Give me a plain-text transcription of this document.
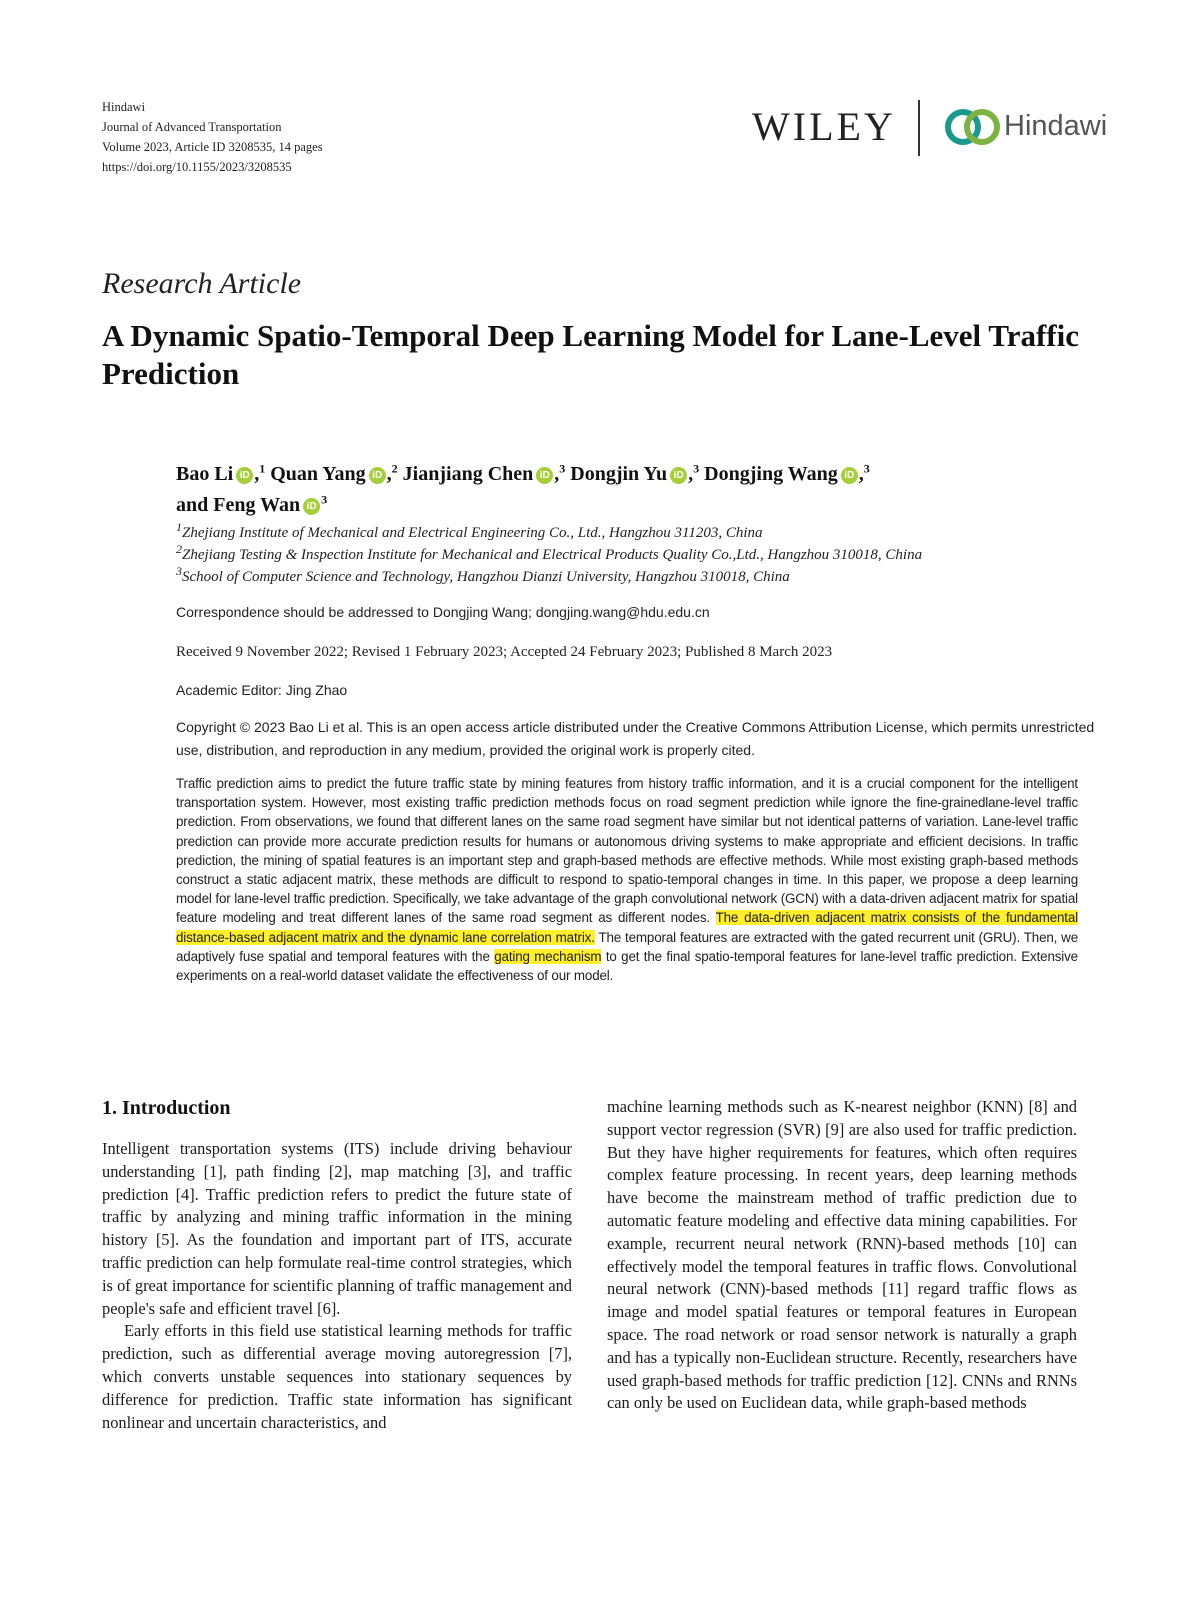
Hindawi
Journal of Advanced Transportation
Volume 2023, Article ID 3208535, 14 pages
https://doi.org/10.1155/2023/3208535
WILEY	Hindawi
Research Article
A Dynamic Spatio-Temporal Deep Learning Model for Lane-Level Traffic Prediction
Bao Li iD ,$^1$ Quan Yang iD ,$^2$ Jianjiang Chen iD ,$^3$ Dongjin Yu iD ,$^3$ Dongjing Wang iD ,$^3$
and Feng Wan $iD^3$
$^1$Zhejiang Institute of Mechanical and Electrical Engineering Co., Ltd., Hangzhou 311203, China
$^2$Zhejiang Testing & Inspection Institute for Mechanical and Electrical Products Quality Co.,Ltd., Hangzhou 310018, China
$^3$School of Computer Science and Technology, Hangzhou Dianzi University, Hangzhou 310018, China
Correspondence should be addressed to Dongjing Wang; dongjing.wang@hdu.edu.cn
Received 9 November 2022; Revised 1 February 2023; Accepted 24 February 2023; Published 8 March 2023
Academic Editor: Jing Zhao
Copyright © 2023 Bao Li et al. This is an open access article distributed under the Creative Commons Attribution License, which permits unrestricted use, distribution, and reproduction in any medium, provided the original work is properly cited.
Traffic prediction aims to predict the future traffic state by mining features from history traffic information, and it is a crucial component for the intelligent transportation system. However, most existing traffic prediction methods focus on road segment prediction while ignore the fine-grainedlane-level traffic prediction. From observations, we found that different lanes on the same road segment have similar but not identical patterns of variation. Lane-level traffic prediction can provide more accurate prediction results for humans or autonomous driving systems to make appropriate and efficient decisions. In traffic prediction, the mining of spatial features is an important step and graph-based methods are effective methods. While most existing graph-based methods construct a static adjacent matrix, these methods are difficult to respond to spatio-temporal changes in time. In this paper, we propose a deep learning model for lane-level traffic prediction. Specifically, we take advantage of the graph convolutional network (GCN) with a data-driven adjacent matrix for spatial feature modeling and treat different lanes of the same road segment as different nodes. The data-driven adjacent matrix consists of the fundamental distance-based adjacent matrix and the dynamic lane correlation matrix. The temporal features are extracted with the gated recurrent unit (GRU). Then, we adaptively fuse spatial and temporal features with the gating mechanism to get the final spatio-temporal features for lane-level traffic prediction. Extensive experiments on a real-world dataset validate the effectiveness of our model.
1. Introduction

Intelligent transportation systems (ITS) include driving behaviour understanding [1], path finding [2], map matching [3], and traffic prediction [4]. Traffic prediction refers to predict the future state of traffic by analyzing and mining traffic information in the mining history [5]. As the foundation and important part of ITS, accurate traffic prediction can help formulate real-time control strategies, which is of great importance for scientific planning of traffic management and people's safe and efficient travel [6].

Early efforts in this field use statistical learning methods for traffic prediction, such as differential average moving autoregression [7], which converts unstable sequences into stationary sequences by difference for prediction. Traffic state information has significant nonlinear and uncertain characteristics, and

machine learning methods such as K-nearest neighbor (KNN) [8] and support vector regression (SVR) [9] are also used for traffic prediction. But they have higher requirements for features, which often requires complex feature processing. In recent years, deep learning methods have become the mainstream method of traffic prediction due to automatic feature modeling and effective data mining capabilities. For example, recurrent neural network (RNN)-based methods [10] can effectively model the temporal features in traffic flows. Convolutional neural network (CNN)-based methods [11] regard traffic flows as image and model spatial features or temporal features in European space. The road network or road sensor network is naturally a graph and has a typically non-Euclidean structure. Recently, researchers have used graph-based methods for traffic prediction [12]. CNNs and RNNs can only be used on Euclidean data, while graph-based methods
